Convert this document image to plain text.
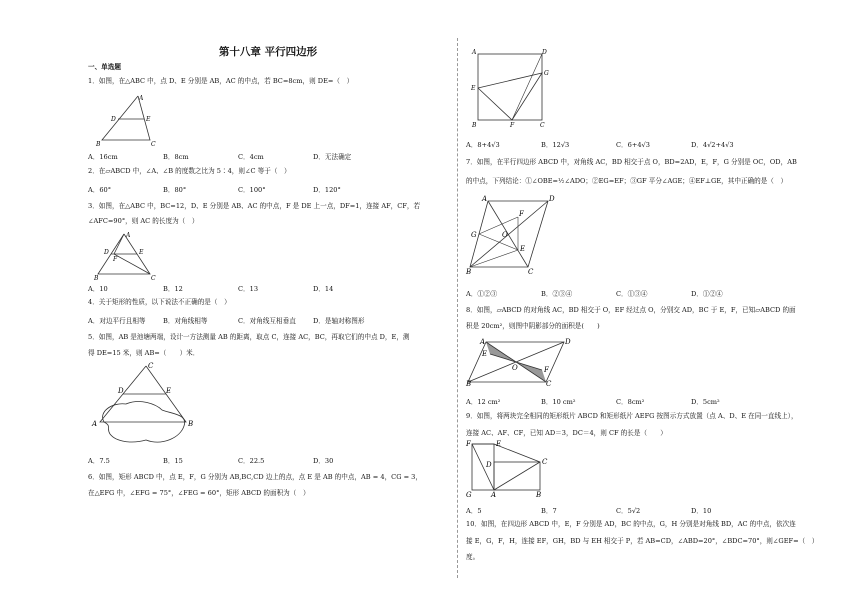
第十八章 平行四边形
一、单选题
1．如图，在△ABC 中，点 D、E 分别是 AB，AC 的中点，若 BC=8cm，则 DE=（　）
A
D	E
B	C
A．16cm	B．8cm	C．4cm	D．无法确定
2．在▱ABCD 中，∠A、∠B 的度数之比为 5∶4，则∠C 等于（　）
A．60°	B．80°	C．100°	D．120°
3．如图，在△ABC 中，BC=12，D、E 分别是 AB、AC 的中点，F 是 DE 上一点，DF=1，连接 AF，CF，若
∠AFC=90°，则 AC 的长度为（　）
A
D
F
E
B	C
A．10	B．12	C．13	D．14
4．关于矩形的性质，以下说法不正确的是（　）
A．对边平行且相等	B．对角线相等	C．对角线互相垂直	D．是轴对称图形
5．如图，AB 是池塘两端，设计一方法测量 AB 的距离，取点 C，连接 AC，BC，再取它们的中点 D，E，测
得 DE=15 米，则 AB=（　　）米．
C
D	E
A	B
A．7.5	B．15	C．22.5	D．30
6．如图，矩形 ABCD 中，点 E，F，G 分别为 AB,BC,CD 边上的点，点 E 是 AB 的中点，AB = 4，CG = 3，
在△EFG 中，∠EFG = 75°，∠FEG = 60°，矩形 ABCD 的面积为（　）
A	D
G
E
B	F	C
A．8+4√3	B．12√3	C．6+4√3	D．4√2+4√3
7．如图，在平行四边形 ABCD 中，对角线 AC，BD 相交于点 O，BD=2AD，E，F，G 分别是 OC，OD，AB
的中点，下列结论：①∠OBE=½∠ADO；②EG=EF；③GF 平分∠AGE；④EF⊥GE，其中正确的是（　）
A	D
F
G	O
E
B	C
A．①②③	B．②③④	C．①③④	D．①②④
8．如图，▱ABCD 的对角线 AC，BD 相交于 O，EF 经过点 O，分别交 AD，BC 于 E，F，已知▱ABCD 的面
积是 20cm²，则图中阴影部分的面积是(　　)
A
B
D
C
E
O	F
A．12 cm²	B．10 cm²	C．8cm²	D．5cm²
9．如图，将两块完全相同的矩形纸片 ABCD 和矩形纸片 AEFG 按图示方式放置（点 A、D、E 在同一直线上），
连接 AC、AF、CF，已知 AD＝3，DC＝4，则 CF 的长是（　　）
F	E
D	C
G	A	B
A．5	B．7	C．5√2	D．10
10．如图，在四边形 ABCD 中，E，F 分别是 AD，BC 的中点，G，H 分别是对角线 BD，AC 的中点，依次连
接 E，G，F，H，连接 EF，GH，BD 与 EH 相交于 P，若 AB=CD，∠ABD=20°，∠BDC=70°，则∠GEF=（　）
度。
